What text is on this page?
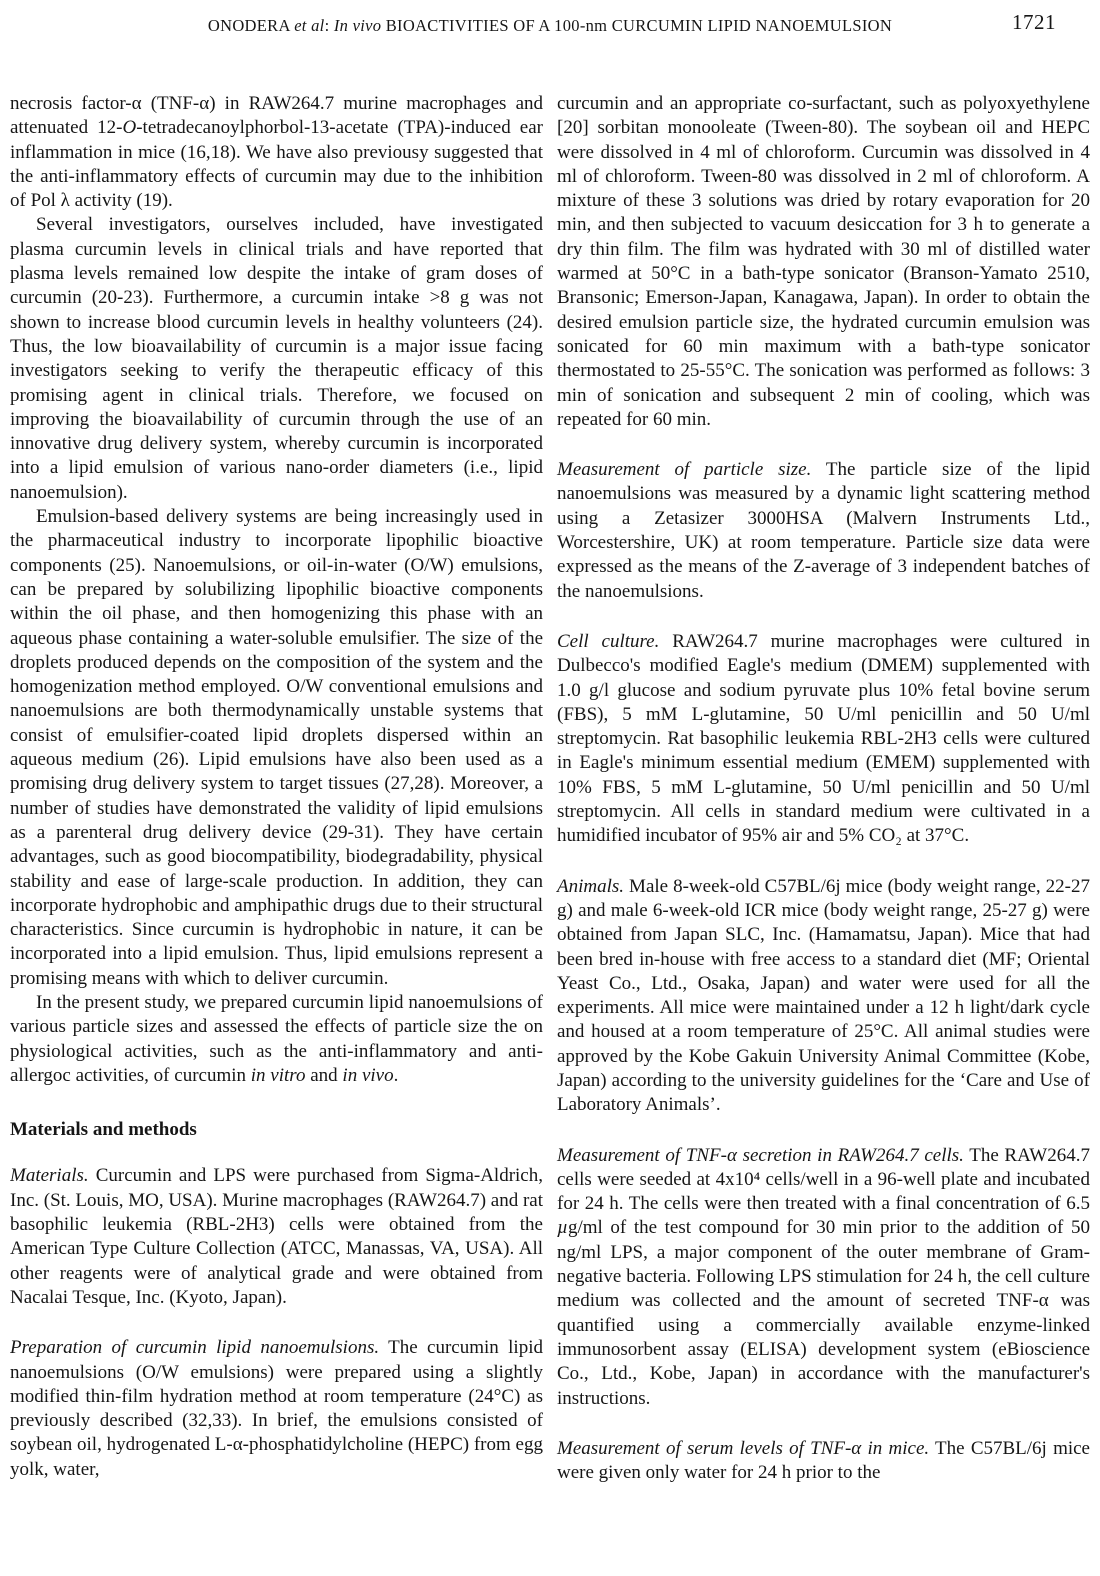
ONODERA et al: In vivo BIOACTIVITIES OF A 100-nm CURCUMIN LIPID NANOEMULSION	1721

necrosis factor-α (TNF-α) in RAW264.7 murine macrophages and attenuated 12-O-tetradecanoylphorbol-13-acetate (TPA)-induced ear inflammation in mice (16,18). We have also previousy suggested that the anti-inflammatory effects of curcumin may due to the inhibition of Pol λ activity (19).

Several investigators, ourselves included, have investigated plasma curcumin levels in clinical trials and have reported that plasma levels remained low despite the intake of gram doses of curcumin (20-23). Furthermore, a curcumin intake >8 g was not shown to increase blood curcumin levels in healthy volunteers (24). Thus, the low bioavailability of curcumin is a major issue facing investigators seeking to verify the therapeutic efficacy of this promising agent in clinical trials. Therefore, we focused on improving the bioavailability of curcumin through the use of an innovative drug delivery system, whereby curcumin is incorporated into a lipid emulsion of various nano-order diameters (i.e., lipid nanoemulsion).

Emulsion-based delivery systems are being increasingly used in the pharmaceutical industry to incorporate lipophilic bioactive components (25). Nanoemulsions, or oil-in-water (O/W) emulsions, can be prepared by solubilizing lipophilic bioactive components within the oil phase, and then homogenizing this phase with an aqueous phase containing a water-soluble emulsifier. The size of the droplets produced depends on the composition of the system and the homogenization method employed. O/W conventional emulsions and nanoemulsions are both thermodynamically unstable systems that consist of emulsifier-coated lipid droplets dispersed within an aqueous medium (26). Lipid emulsions have also been used as a promising drug delivery system to target tissues (27,28). Moreover, a number of studies have demonstrated the validity of lipid emulsions as a parenteral drug delivery device (29-31). They have certain advantages, such as good biocompatibility, biodegradability, physical stability and ease of large-scale production. In addition, they can incorporate hydrophobic and amphipathic drugs due to their structural characteristics. Since curcumin is hydrophobic in nature, it can be incorporated into a lipid emulsion. Thus, lipid emulsions represent a promising means with which to deliver curcumin.

In the present study, we prepared curcumin lipid nanoemulsions of various particle sizes and assessed the effects of particle size the on physiological activities, such as the anti-inflammatory and anti-allergoc activities, of curcumin in vitro and in vivo.

Materials and methods

Materials. Curcumin and LPS were purchased from Sigma-Aldrich, Inc. (St. Louis, MO, USA). Murine macrophages (RAW264.7) and rat basophilic leukemia (RBL-2H3) cells were obtained from the American Type Culture Collection (ATCC, Manassas, VA, USA). All other reagents were of analytical grade and were obtained from Nacalai Tesque, Inc. (Kyoto, Japan).

Preparation of curcumin lipid nanoemulsions. The curcumin lipid nanoemulsions (O/W emulsions) were prepared using a slightly modified thin-film hydration method at room temperature (24°C) as previously described (32,33). In brief, the emulsions consisted of soybean oil, hydrogenated L-α-phosphatidylcholine (HEPC) from egg yolk, water,

curcumin and an appropriate co-surfactant, such as polyoxyethylene [20] sorbitan monooleate (Tween-80). The soybean oil and HEPC were dissolved in 4 ml of chloroform. Curcumin was dissolved in 4 ml of chloroform. Tween-80 was dissolved in 2 ml of chloroform. A mixture of these 3 solutions was dried by rotary evaporation for 20 min, and then subjected to vacuum desiccation for 3 h to generate a dry thin film. The film was hydrated with 30 ml of distilled water warmed at 50°C in a bath-type sonicator (Branson-Yamato 2510, Bransonic; Emerson-Japan, Kanagawa, Japan). In order to obtain the desired emulsion particle size, the hydrated curcumin emulsion was sonicated for 60 min maximum with a bath-type sonicator thermostated to 25-55°C. The sonication was performed as follows: 3 min of sonication and subsequent 2 min of cooling, which was repeated for 60 min.

Measurement of particle size. The particle size of the lipid nanoemulsions was measured by a dynamic light scattering method using a Zetasizer 3000HSA (Malvern Instruments Ltd., Worcestershire, UK) at room temperature. Particle size data were expressed as the means of the Z-average of 3 independent batches of the nanoemulsions.

Cell culture. RAW264.7 murine macrophages were cultured in Dulbecco's modified Eagle's medium (DMEM) supplemented with 1.0 g/l glucose and sodium pyruvate plus 10% fetal bovine serum (FBS), 5 mM L-glutamine, 50 U/ml penicillin and 50 U/ml streptomycin. Rat basophilic leukemia RBL-2H3 cells were cultured in Eagle's minimum essential medium (EMEM) supplemented with 10% FBS, 5 mM L-glutamine, 50 U/ml penicillin and 50 U/ml streptomycin. All cells in standard medium were cultivated in a humidified incubator of 95% air and 5% CO₂ at 37°C.

Animals. Male 8-week-old C57BL/6j mice (body weight range, 22-27 g) and male 6-week-old ICR mice (body weight range, 25-27 g) were obtained from Japan SLC, Inc. (Hamamatsu, Japan). Mice that had been bred in-house with free access to a standard diet (MF; Oriental Yeast Co., Ltd., Osaka, Japan) and water were used for all the experiments. All mice were maintained under a 12 h light/dark cycle and housed at a room temperature of 25°C. All animal studies were approved by the Kobe Gakuin University Animal Committee (Kobe, Japan) according to the university guidelines for the ‘Care and Use of Laboratory Animals’.

Measurement of TNF-α secretion in RAW264.7 cells. The RAW264.7 cells were seeded at 4x10⁴ cells/well in a 96-well plate and incubated for 24 h. The cells were then treated with a final concentration of 6.5 µg/ml of the test compound for 30 min prior to the addition of 50 ng/ml LPS, a major component of the outer membrane of Gram-negative bacteria. Following LPS stimulation for 24 h, the cell culture medium was collected and the amount of secreted TNF-α was quantified using a commercially available enzyme-linked immunosorbent assay (ELISA) development system (eBioscience Co., Ltd., Kobe, Japan) in accordance with the manufacturer's instructions.

Measurement of serum levels of TNF-α in mice. The C57BL/6j mice were given only water for 24 h prior to the
